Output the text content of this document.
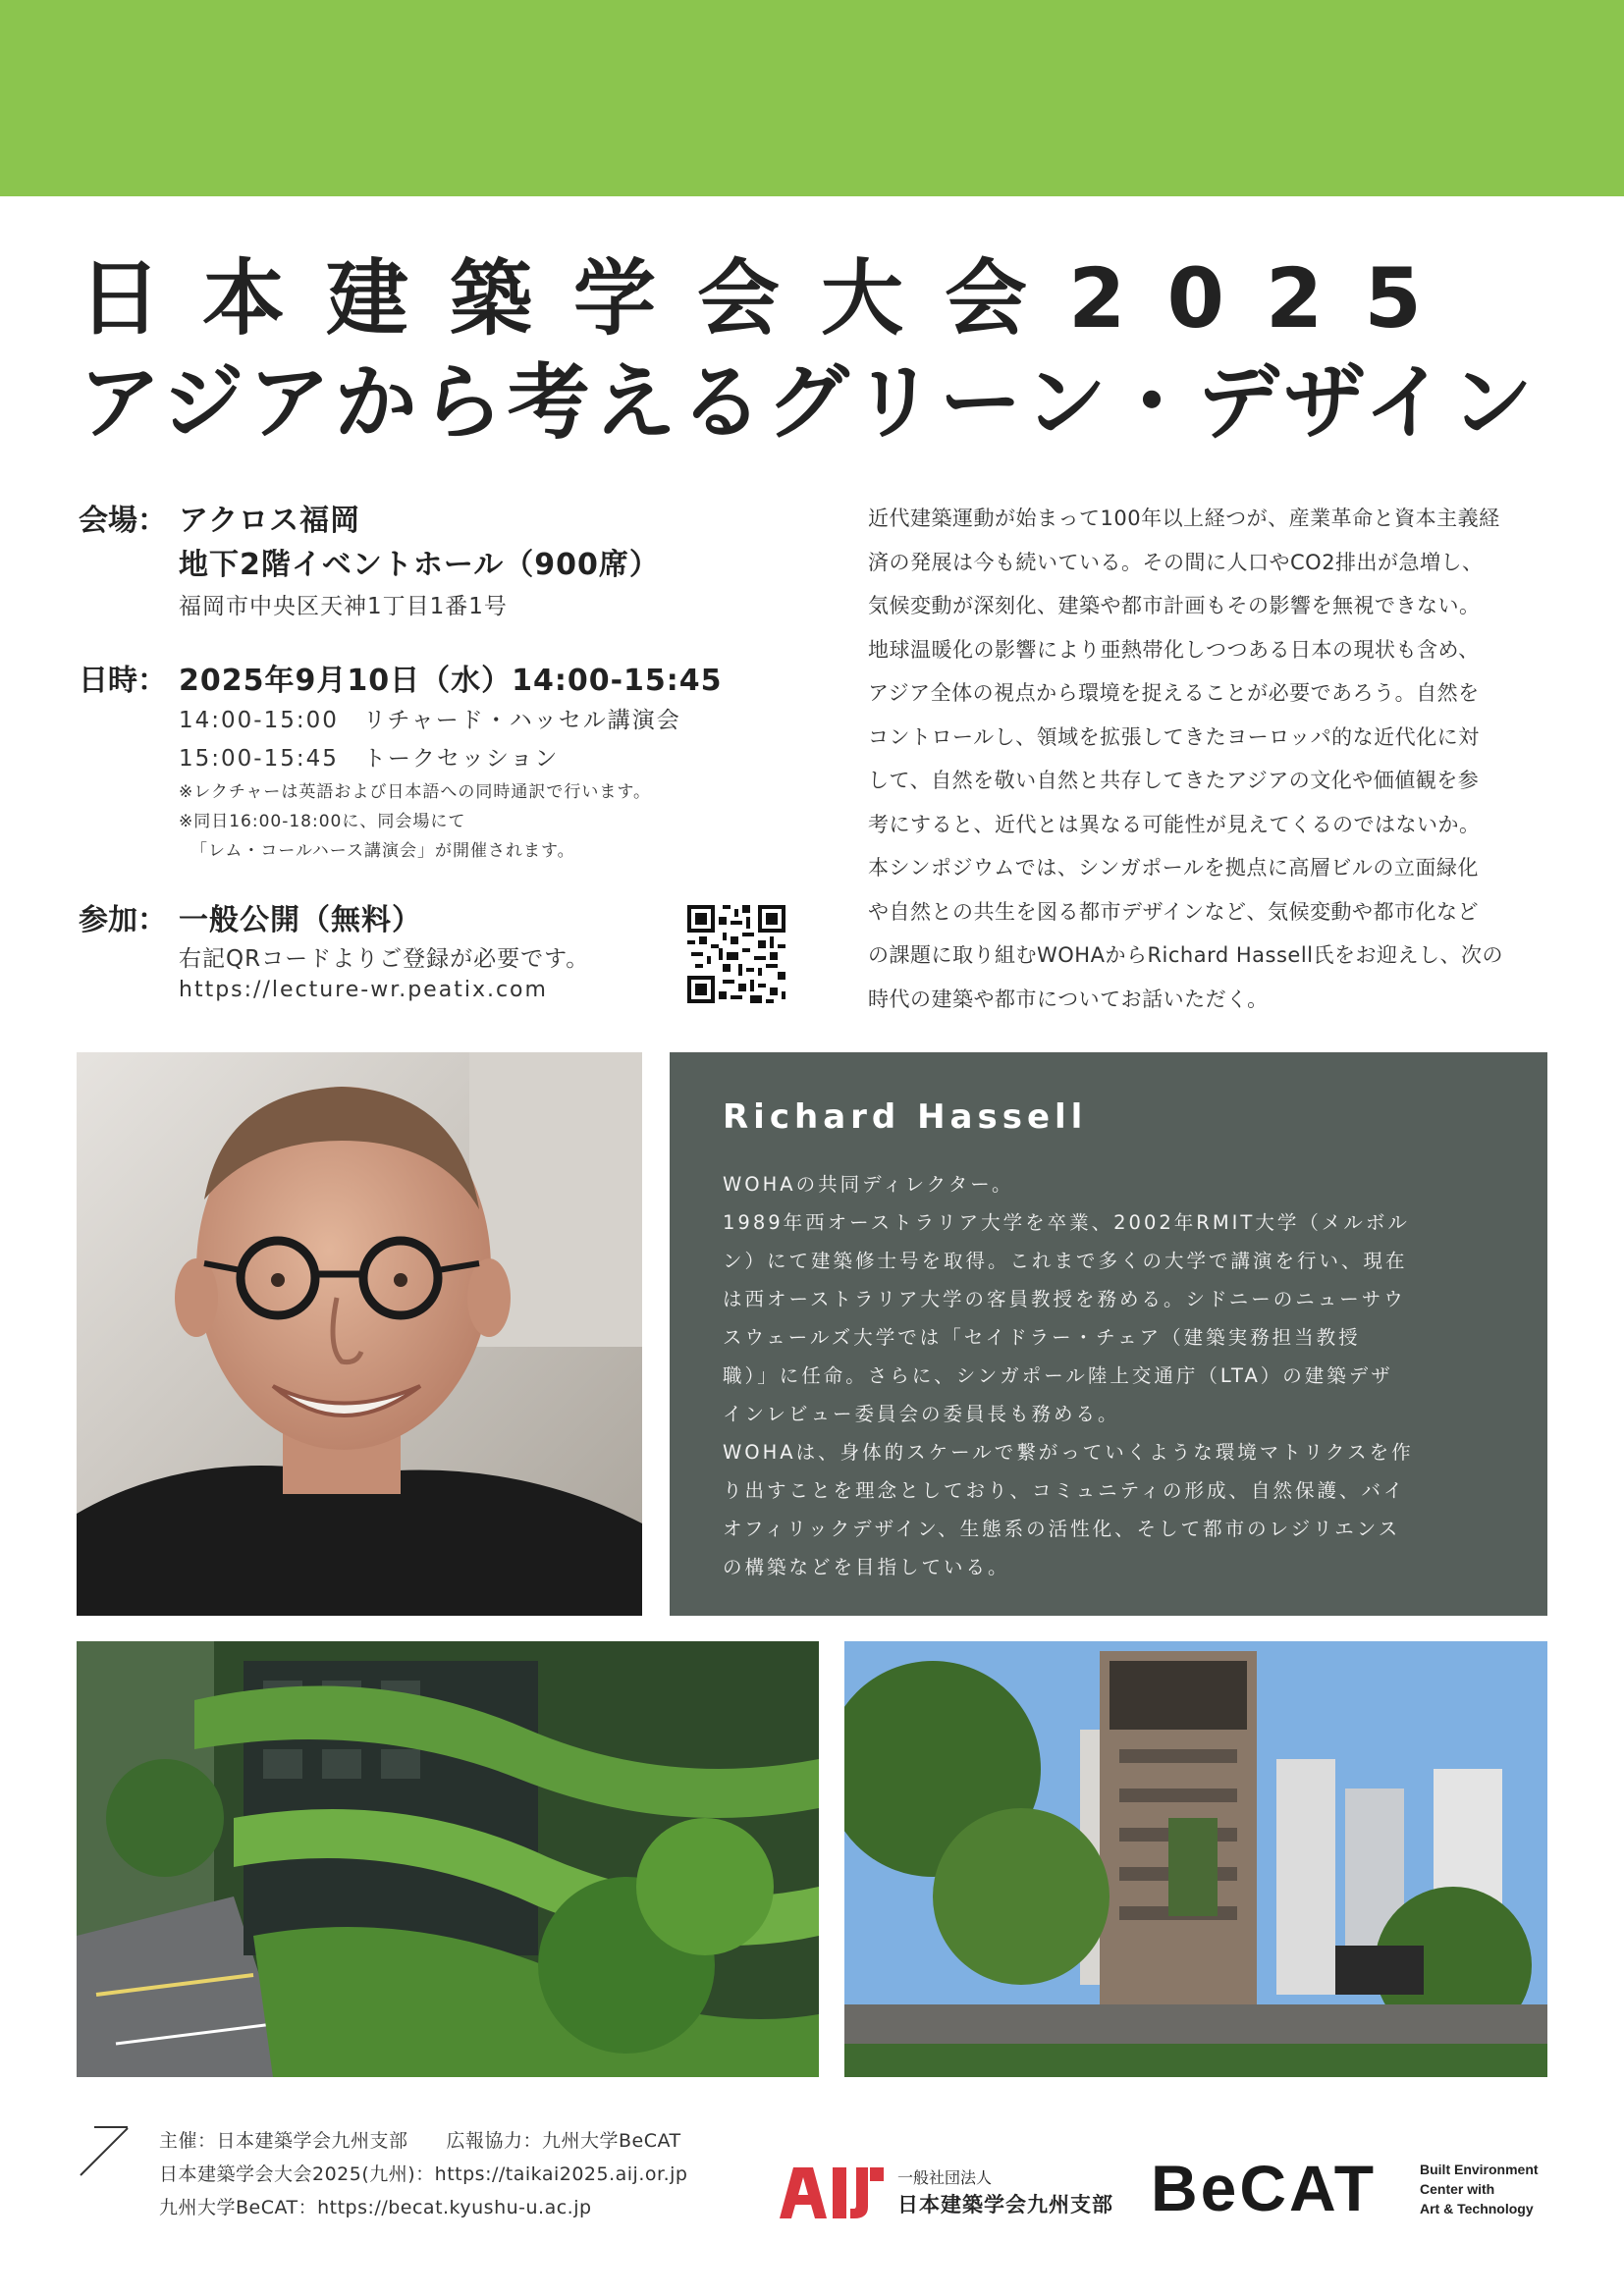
日本建築学会大会2025
アジアから考えるグリーン・デザイン
会場： アクロス福岡
地下2階イベントホール（900席）
福岡市中央区天神1丁目1番1号
日時： 2025年9月10日（水）14:00-15:45
14:00-15:00　リチャード・ハッセル講演会
15:00-15:45　トークセッション
※レクチャーは英語および日本語への同時通訳で行います。
※同日16:00-18:00に、同会場にて
「レム・コールハース講演会」が開催されます。
参加： 一般公開（無料）
右記QRコードよりご登録が必要です。
https://lecture-wr.peatix.com
近代建築運動が始まって100年以上経つが、産業革命と資本主義経
済の発展は今も続いている。その間に人口やCO2排出が急増し、
気候変動が深刻化、建築や都市計画もその影響を無視できない。
地球温暖化の影響により亜熱帯化しつつある日本の現状も含め、
アジア全体の視点から環境を捉えることが必要であろう。自然を
コントロールし、領域を拡張してきたヨーロッパ的な近代化に対
して、自然を敬い自然と共存してきたアジアの文化や価値観を参
考にすると、近代とは異なる可能性が見えてくるのではないか。
本シンポジウムでは、シンガポールを拠点に高層ビルの立面緑化
や自然との共生を図る都市デザインなど、気候変動や都市化など
の課題に取り組むWOHAからRichard Hassell氏をお迎えし、次の
時代の建築や都市についてお話いただく。
Richard Hassell
WOHAの共同ディレクター。
1989年西オーストラリア大学を卒業、2002年RMIT大学（メルボル
ン）にて建築修士号を取得。これまで多くの大学で講演を行い、現在
は西オーストラリア大学の客員教授を務める。シドニーのニューサウ
スウェールズ大学では「セイドラー・チェア（建築実務担当教授
職）」に任命。さらに、シンガポール陸上交通庁（LTA）の建築デザ
インレビュー委員会の委員長も務める。
WOHAは、身体的スケールで繋がっていくような環境マトリクスを作
り出すことを理念としており、コミュニティの形成、自然保護、バイ
オフィリックデザイン、生態系の活性化、そして都市のレジリエンス
の構築などを目指している。
主催：日本建築学会九州支部　　広報協力：九州大学BeCAT
日本建築学会大会2025(九州)：https://taikai2025.aij.or.jp
九州大学BeCAT：https://becat.kyushu-u.ac.jp
一般社団法人
日本建築学会九州支部 BeCAT	Built Environment
Center with
Art & Technology
